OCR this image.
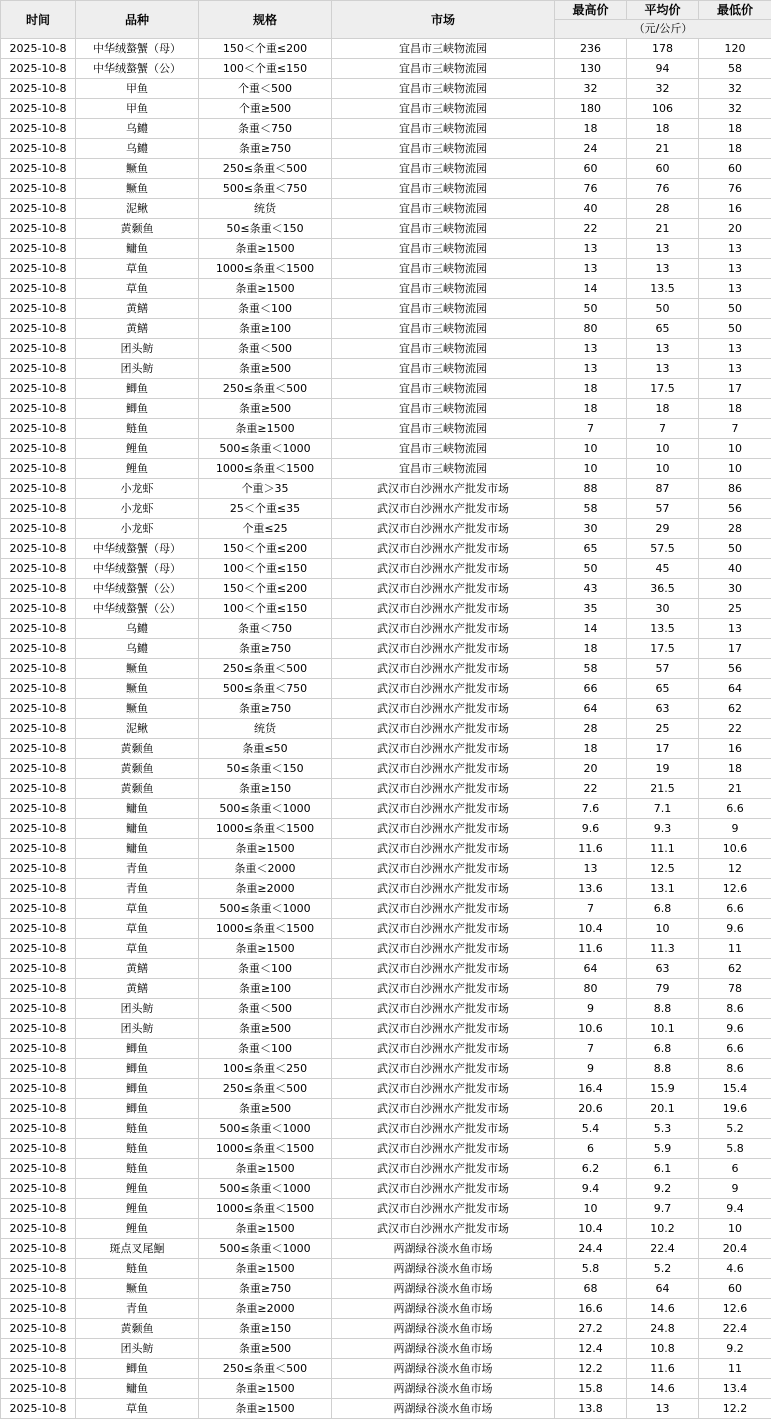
时间	品种	规格	市场	最高价	平均价	最低价
				（元/公斤）		
2025-10-8	中华绒螯蟹（母）	150＜个重≤200	宜昌市三峡物流园	236	178	120
2025-10-8	中华绒螯蟹（公）	100＜个重≤150	宜昌市三峡物流园	130	94	58
2025-10-8	甲鱼	个重＜500	宜昌市三峡物流园	32	32	32
2025-10-8	甲鱼	个重≥500	宜昌市三峡物流园	180	106	32
2025-10-8	乌鳢	条重＜750	宜昌市三峡物流园	18	18	18
2025-10-8	乌鳢	条重≥750	宜昌市三峡物流园	24	21	18
2025-10-8	鳜鱼	250≤条重＜500	宜昌市三峡物流园	60	60	60
2025-10-8	鳜鱼	500≤条重＜750	宜昌市三峡物流园	76	76	76
2025-10-8	泥鳅	统货	宜昌市三峡物流园	40	28	16
2025-10-8	黄颡鱼	50≤条重＜150	宜昌市三峡物流园	22	21	20
2025-10-8	鳙鱼	条重≥1500	宜昌市三峡物流园	13	13	13
2025-10-8	草鱼	1000≤条重＜1500	宜昌市三峡物流园	13	13	13
2025-10-8	草鱼	条重≥1500	宜昌市三峡物流园	14	13.5	13
2025-10-8	黄鳝	条重＜100	宜昌市三峡物流园	50	50	50
2025-10-8	黄鳝	条重≥100	宜昌市三峡物流园	80	65	50
2025-10-8	团头鲂	条重＜500	宜昌市三峡物流园	13	13	13
2025-10-8	团头鲂	条重≥500	宜昌市三峡物流园	13	13	13
2025-10-8	鲫鱼	250≤条重＜500	宜昌市三峡物流园	18	17.5	17
2025-10-8	鲫鱼	条重≥500	宜昌市三峡物流园	18	18	18
2025-10-8	鲢鱼	条重≥1500	宜昌市三峡物流园	7	7	7
2025-10-8	鲤鱼	500≤条重＜1000	宜昌市三峡物流园	10	10	10
2025-10-8	鲤鱼	1000≤条重＜1500	宜昌市三峡物流园	10	10	10
2025-10-8	小龙虾	个重＞35	武汉市白沙洲水产批发市场	88	87	86
2025-10-8	小龙虾	25＜个重≤35	武汉市白沙洲水产批发市场	58	57	56
2025-10-8	小龙虾	个重≤25	武汉市白沙洲水产批发市场	30	29	28
2025-10-8	中华绒螯蟹（母）	150＜个重≤200	武汉市白沙洲水产批发市场	65	57.5	50
2025-10-8	中华绒螯蟹（母）	100＜个重≤150	武汉市白沙洲水产批发市场	50	45	40
2025-10-8	中华绒螯蟹（公）	150＜个重≤200	武汉市白沙洲水产批发市场	43	36.5	30
2025-10-8	中华绒螯蟹（公）	100＜个重≤150	武汉市白沙洲水产批发市场	35	30	25
2025-10-8	乌鳢	条重＜750	武汉市白沙洲水产批发市场	14	13.5	13
2025-10-8	乌鳢	条重≥750	武汉市白沙洲水产批发市场	18	17.5	17
2025-10-8	鳜鱼	250≤条重＜500	武汉市白沙洲水产批发市场	58	57	56
2025-10-8	鳜鱼	500≤条重＜750	武汉市白沙洲水产批发市场	66	65	64
2025-10-8	鳜鱼	条重≥750	武汉市白沙洲水产批发市场	64	63	62
2025-10-8	泥鳅	统货	武汉市白沙洲水产批发市场	28	25	22
2025-10-8	黄颡鱼	条重≤50	武汉市白沙洲水产批发市场	18	17	16
2025-10-8	黄颡鱼	50≤条重＜150	武汉市白沙洲水产批发市场	20	19	18
2025-10-8	黄颡鱼	条重≥150	武汉市白沙洲水产批发市场	22	21.5	21
2025-10-8	鳙鱼	500≤条重＜1000	武汉市白沙洲水产批发市场	7.6	7.1	6.6
2025-10-8	鳙鱼	1000≤条重＜1500	武汉市白沙洲水产批发市场	9.6	9.3	9
2025-10-8	鳙鱼	条重≥1500	武汉市白沙洲水产批发市场	11.6	11.1	10.6
2025-10-8	青鱼	条重＜2000	武汉市白沙洲水产批发市场	13	12.5	12
2025-10-8	青鱼	条重≥2000	武汉市白沙洲水产批发市场	13.6	13.1	12.6
2025-10-8	草鱼	500≤条重＜1000	武汉市白沙洲水产批发市场	7	6.8	6.6
2025-10-8	草鱼	1000≤条重＜1500	武汉市白沙洲水产批发市场	10.4	10	9.6
2025-10-8	草鱼	条重≥1500	武汉市白沙洲水产批发市场	11.6	11.3	11
2025-10-8	黄鳝	条重＜100	武汉市白沙洲水产批发市场	64	63	62
2025-10-8	黄鳝	条重≥100	武汉市白沙洲水产批发市场	80	79	78
2025-10-8	团头鲂	条重＜500	武汉市白沙洲水产批发市场	9	8.8	8.6
2025-10-8	团头鲂	条重≥500	武汉市白沙洲水产批发市场	10.6	10.1	9.6
2025-10-8	鲫鱼	条重＜100	武汉市白沙洲水产批发市场	7	6.8	6.6
2025-10-8	鲫鱼	100≤条重＜250	武汉市白沙洲水产批发市场	9	8.8	8.6
2025-10-8	鲫鱼	250≤条重＜500	武汉市白沙洲水产批发市场	16.4	15.9	15.4
2025-10-8	鲫鱼	条重≥500	武汉市白沙洲水产批发市场	20.6	20.1	19.6
2025-10-8	鲢鱼	500≤条重＜1000	武汉市白沙洲水产批发市场	5.4	5.3	5.2
2025-10-8	鲢鱼	1000≤条重＜1500	武汉市白沙洲水产批发市场	6	5.9	5.8
2025-10-8	鲢鱼	条重≥1500	武汉市白沙洲水产批发市场	6.2	6.1	6
2025-10-8	鲤鱼	500≤条重＜1000	武汉市白沙洲水产批发市场	9.4	9.2	9
2025-10-8	鲤鱼	1000≤条重＜1500	武汉市白沙洲水产批发市场	10	9.7	9.4
2025-10-8	鲤鱼	条重≥1500	武汉市白沙洲水产批发市场	10.4	10.2	10
2025-10-8	斑点叉尾鮰	500≤条重＜1000	两湖绿谷淡水鱼市场	24.4	22.4	20.4
2025-10-8	鲢鱼	条重≥1500	两湖绿谷淡水鱼市场	5.8	5.2	4.6
2025-10-8	鳜鱼	条重≥750	两湖绿谷淡水鱼市场	68	64	60
2025-10-8	青鱼	条重≥2000	两湖绿谷淡水鱼市场	16.6	14.6	12.6
2025-10-8	黄颡鱼	条重≥150	两湖绿谷淡水鱼市场	27.2	24.8	22.4
2025-10-8	团头鲂	条重≥500	两湖绿谷淡水鱼市场	12.4	10.8	9.2
2025-10-8	鲫鱼	250≤条重＜500	两湖绿谷淡水鱼市场	12.2	11.6	11
2025-10-8	鳙鱼	条重≥1500	两湖绿谷淡水鱼市场	15.8	14.6	13.4
2025-10-8	草鱼	条重≥1500	两湖绿谷淡水鱼市场	13.8	13	12.2
